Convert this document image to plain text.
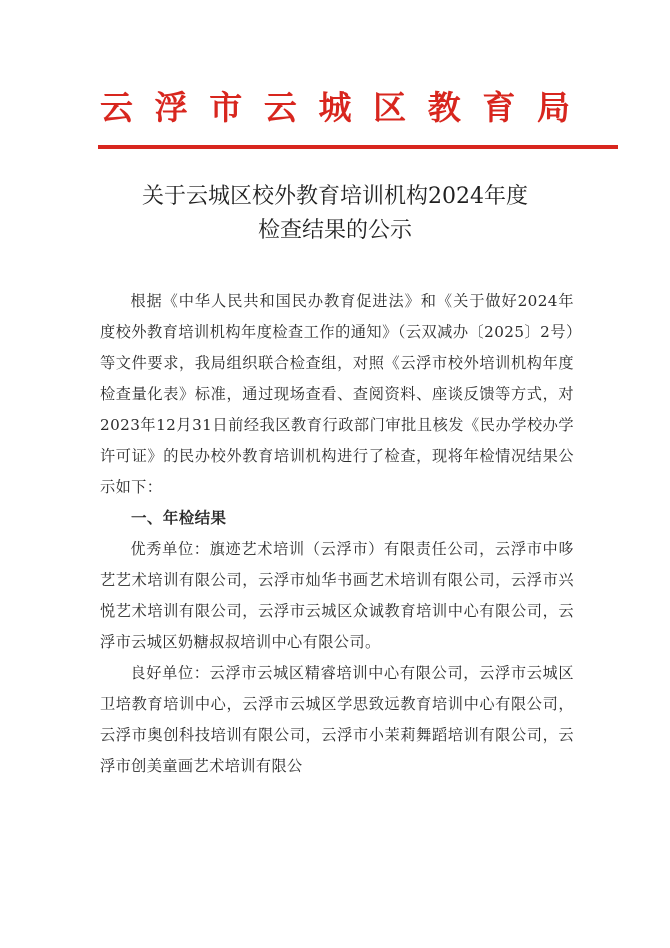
云 浮 市 云 城 区 教 育 局
关于云城区校外教育培训机构2024年度
检查结果的公示

根据《中华人民共和国民办教育促进法》和《关于做好2024年度校外教育培训机构年度检查工作的通知》（云双减办〔2025〕2号）等文件要求，我局组织联合检查组，对照《云浮市校外培训机构年度检查量化表》标准，通过现场查看、查阅资料、座谈反馈等方式，对2023年12月31日前经我区教育行政部门审批且核发《民办学校办学许可证》的民办校外教育培训机构进行了检查，现将年检情况结果公示如下：

一、年检结果

优秀单位：旗迹艺术培训（云浮市）有限责任公司，云浮市中哆艺艺术培训有限公司，云浮市灿华书画艺术培训有限公司，云浮市兴悦艺术培训有限公司，云浮市云城区众诚教育培训中心有限公司，云浮市云城区奶糖叔叔培训中心有限公司。

良好单位：云浮市云城区精睿培训中心有限公司，云浮市云城区卫培教育培训中心，云浮市云城区学思致远教育培训中心有限公司，云浮市奥创科技培训有限公司，云浮市小茉莉舞蹈培训有限公司，云浮市创美童画艺术培训有限公
